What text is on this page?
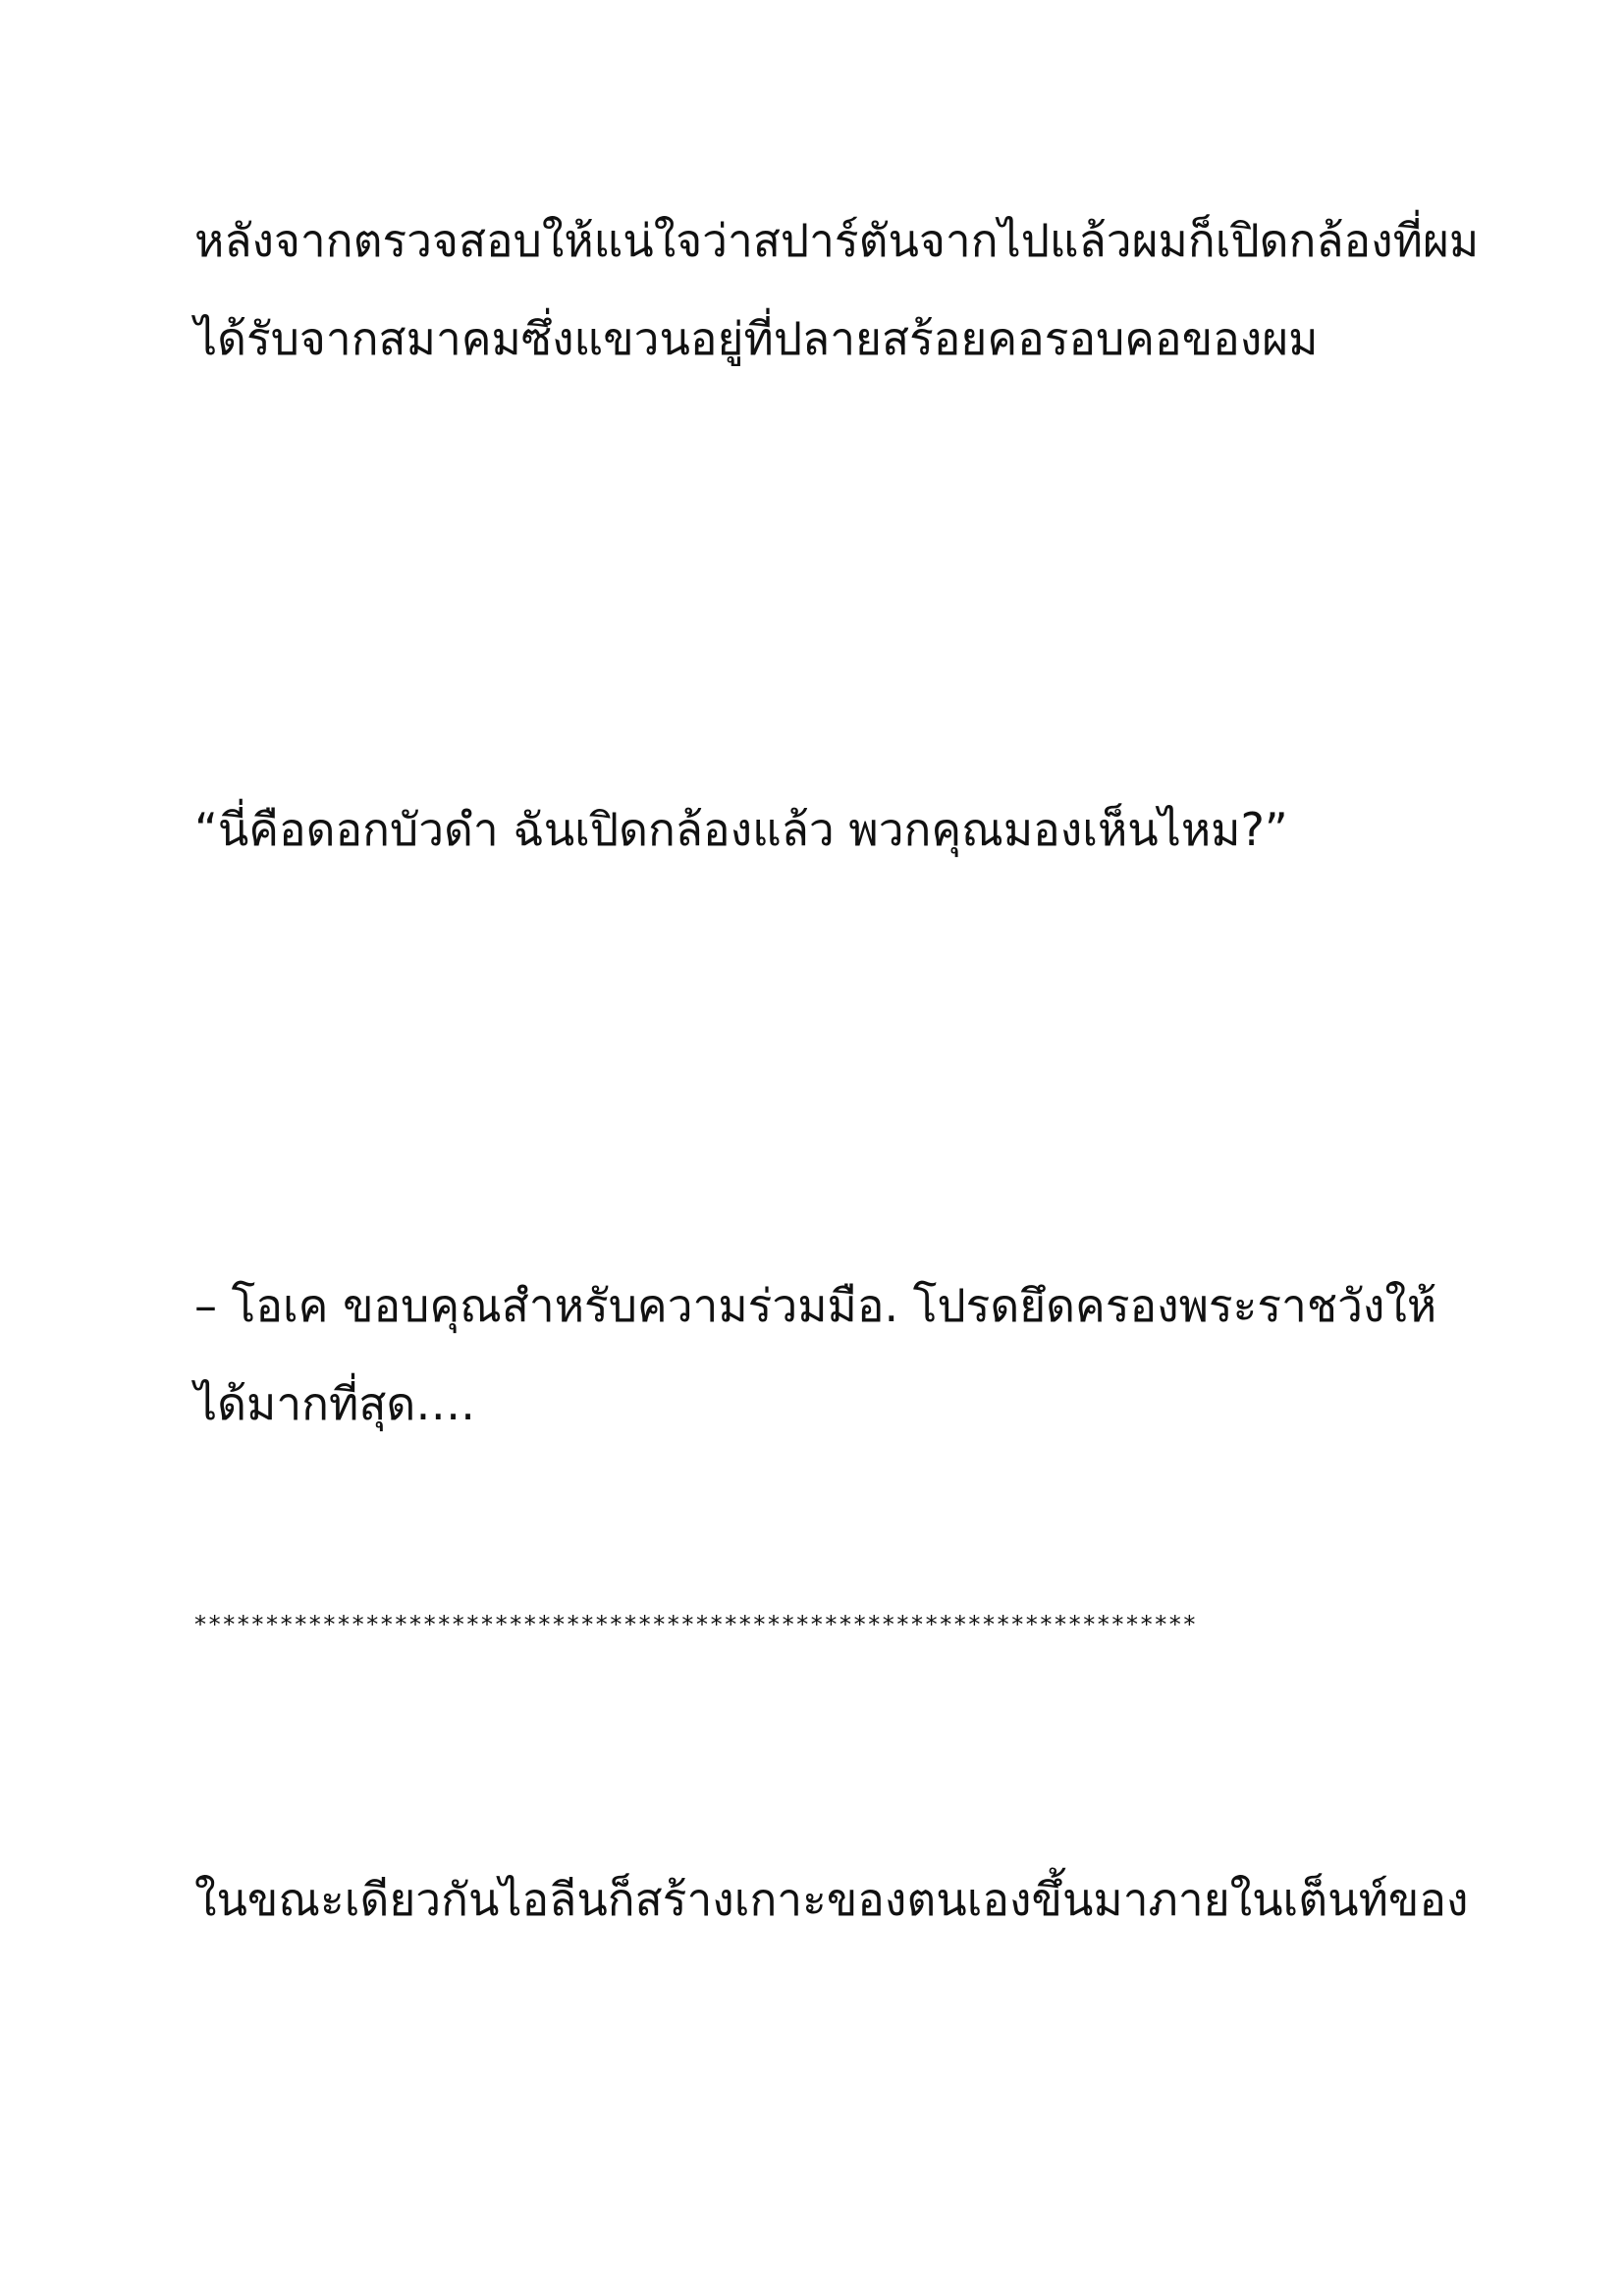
หลังจากตรวจสอบให้แน่ใจว่าสปาร์ตันจากไปแล้วผมก็เปิดกล้องที่ผม
ได้รับจากสมาคมซึ่งแขวนอยู่ที่ปลายสร้อยคอรอบคอของผม
“นี่คือดอกบัวดำ ฉันเปิดกล้องแล้ว พวกคุณมองเห็นไหม?”
– โอเค ขอบคุณสำหรับความร่วมมือ. โปรดยึดครองพระราชวังให้
ได้มากที่สุด….
**********************************************************************
ในขณะเดียวกันไอลีนก็สร้างเกาะของตนเองขึ้นมาภายในเต็นท์ของ
